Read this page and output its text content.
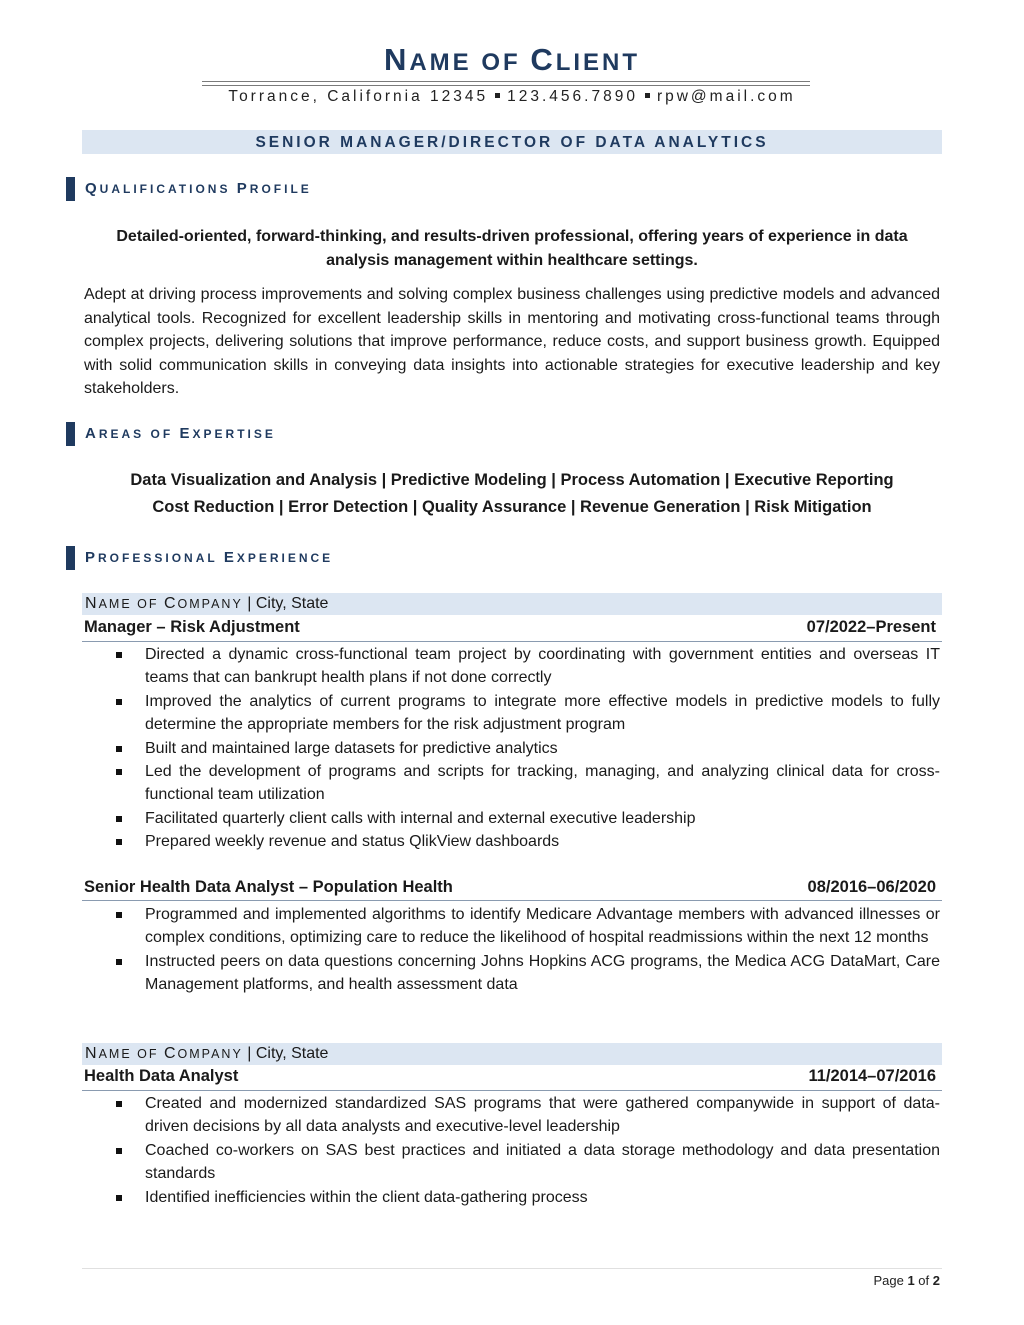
NAME OF CLIENT
Torrance, California 12345 123.456.7890 rpw@mail.com
SENIOR MANAGER/DIRECTOR OF DATA ANALYTICS
QUALIFICATIONS PROFILE
Detailed-oriented, forward-thinking, and results-driven professional, offering years of experience in data analysis management within healthcare settings.
Adept at driving process improvements and solving complex business challenges using predictive models and advanced analytical tools. Recognized for excellent leadership skills in mentoring and motivating cross-functional teams through complex projects, delivering solutions that improve performance, reduce costs, and support business growth. Equipped with solid communication skills in conveying data insights into actionable strategies for executive leadership and key stakeholders.
AREAS OF EXPERTISE
Data Visualization and Analysis | Predictive Modeling | Process Automation | Executive Reporting
Cost Reduction | Error Detection | Quality Assurance | Revenue Generation | Risk Mitigation
PROFESSIONAL EXPERIENCE
NAME OF COMPANY | City, State
Manager – Risk Adjustment	07/2022–Present
Directed a dynamic cross-functional team project by coordinating with government entities and overseas IT teams that can bankrupt health plans if not done correctly
Improved the analytics of current programs to integrate more effective models in predictive models to fully determine the appropriate members for the risk adjustment program
Built and maintained large datasets for predictive analytics
Led the development of programs and scripts for tracking, managing, and analyzing clinical data for cross-functional team utilization
Facilitated quarterly client calls with internal and external executive leadership
Prepared weekly revenue and status QlikView dashboards
Senior Health Data Analyst – Population Health	08/2016–06/2020
Programmed and implemented algorithms to identify Medicare Advantage members with advanced illnesses or complex conditions, optimizing care to reduce the likelihood of hospital readmissions within the next 12 months
Instructed peers on data questions concerning Johns Hopkins ACG programs, the Medica ACG DataMart, Care Management platforms, and health assessment data
NAME OF COMPANY | City, State
Health Data Analyst	11/2014–07/2016
Created and modernized standardized SAS programs that were gathered companywide in support of data-driven decisions by all data analysts and executive-level leadership
Coached co-workers on SAS best practices and initiated a data storage methodology and data presentation standards
Identified inefficiencies within the client data-gathering process
Page 1 of 2
